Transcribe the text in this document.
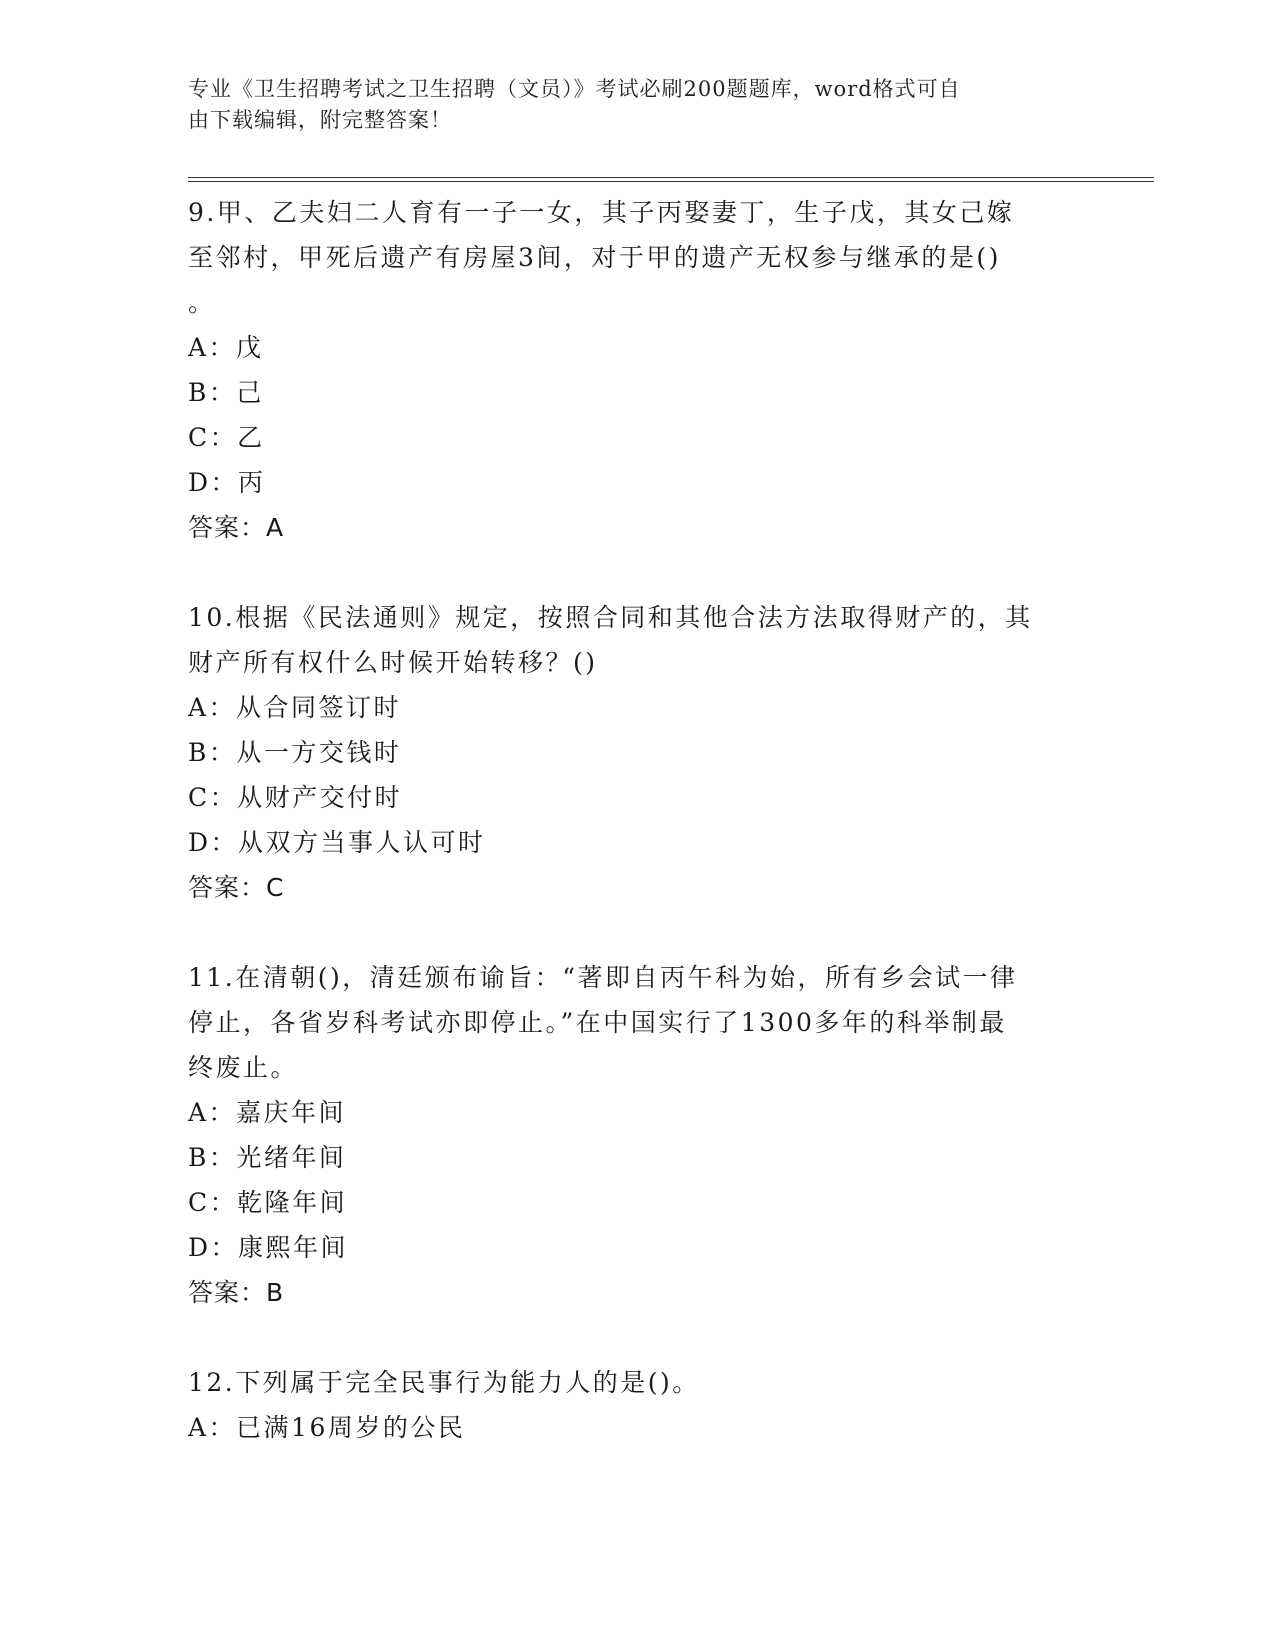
专业《卫生招聘考试之卫生招聘（文员）》考试必刷200题题库，word格式可自
由下载编辑，附完整答案！

9.甲、乙夫妇二人育有一子一女，其子丙娶妻丁，生子戊，其女己嫁

至邻村，甲死后遗产有房屋3间，对于甲的遗产无权参与继承的是()

。

A：戊

B：己

C：乙

D：丙

答案：A

10.根据《民法通则》规定，按照合同和其他合法方法取得财产的，其

财产所有权什么时候开始转移？()

A：从合同签订时

B：从一方交钱时

C：从财产交付时

D：从双方当事人认可时

答案：C

11.在清朝()，清廷颁布谕旨：“著即自丙午科为始，所有乡会试一律

停止，各省岁科考试亦即停止。”在中国实行了1300多年的科举制最

终废止。

A：嘉庆年间

B：光绪年间

C：乾隆年间

D：康熙年间

答案：B

12.下列属于完全民事行为能力人的是()。

A：已满16周岁的公民
